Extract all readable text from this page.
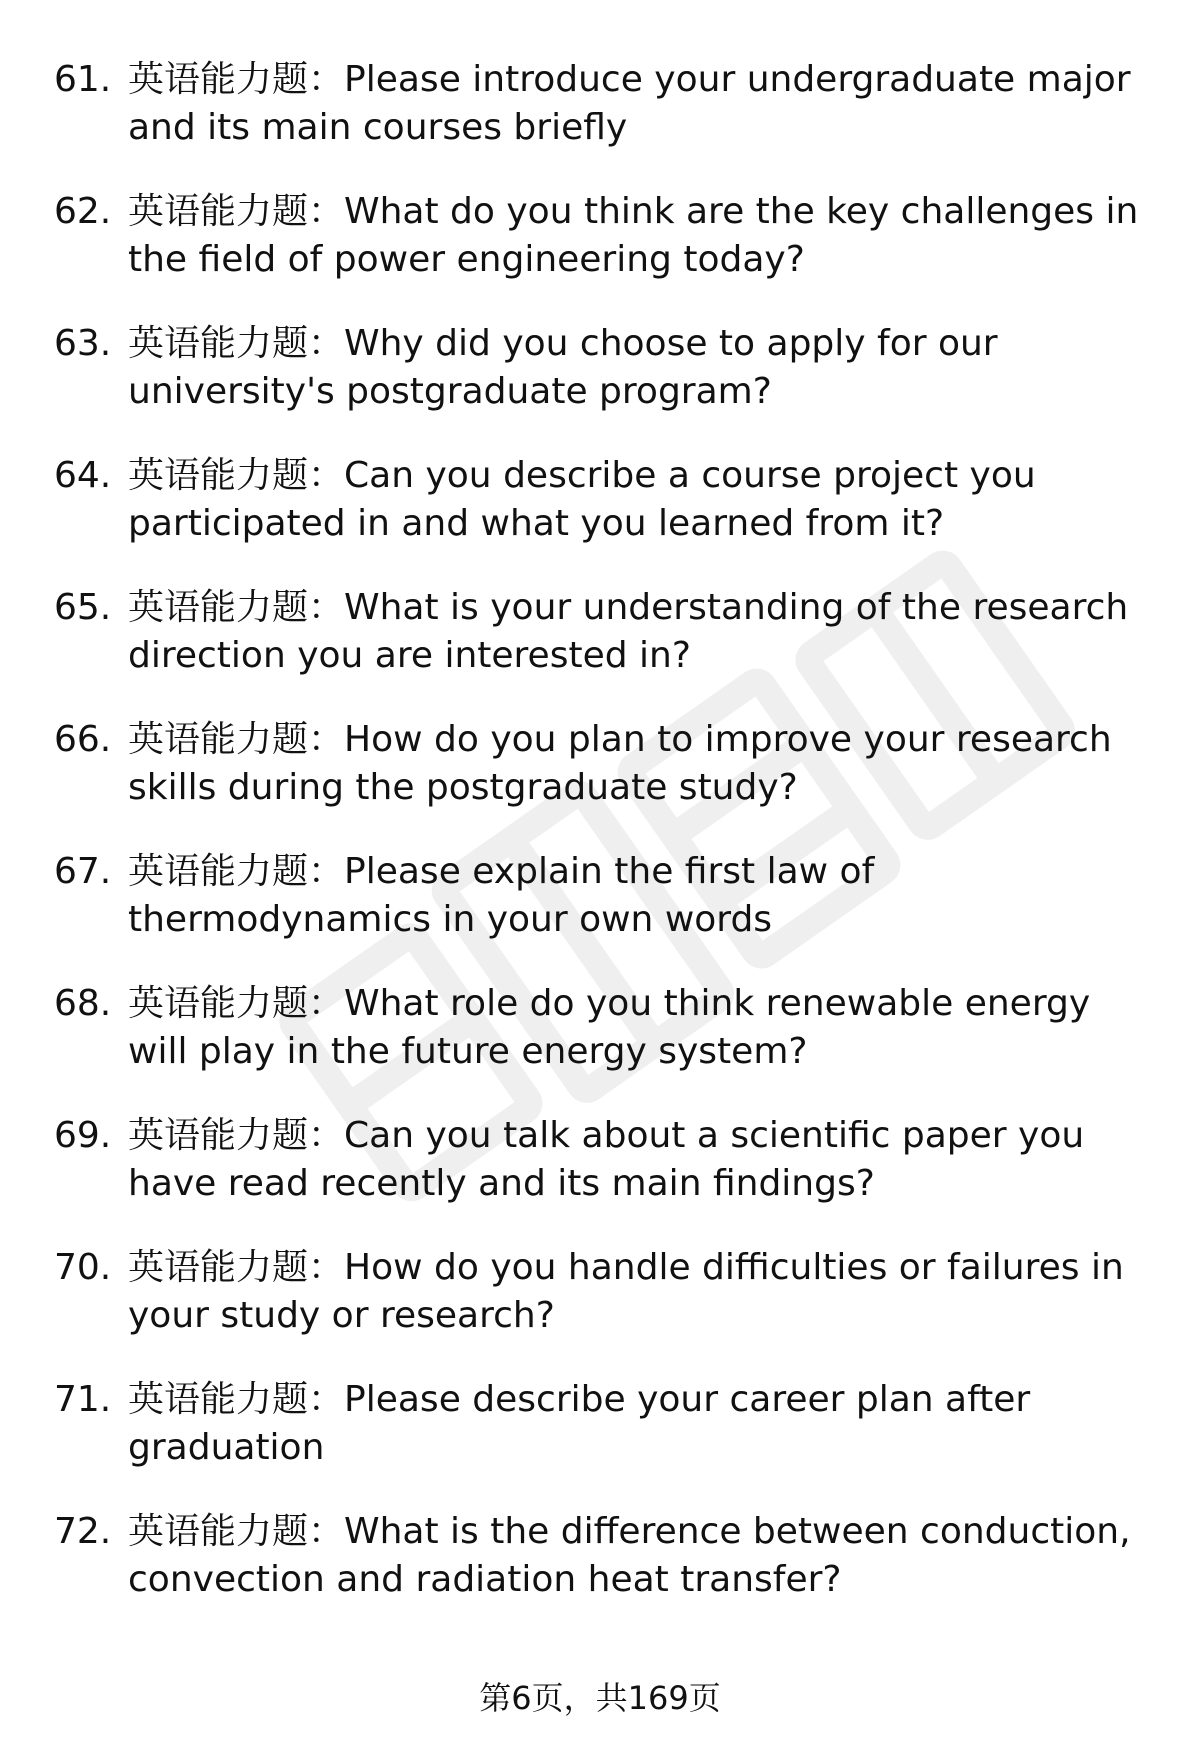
61. 英语能力题：Please introduce your undergraduate major and its main courses briefly
62. 英语能力题：What do you think are the key challenges in the field of power engineering today?
63. 英语能力题：Why did you choose to apply for our university's postgraduate program?
64. 英语能力题：Can you describe a course project you participated in and what you learned from it?
65. 英语能力题：What is your understanding of the research direction you are interested in?
66. 英语能力题：How do you plan to improve your research skills during the postgraduate study?
67. 英语能力题：Please explain the first law of thermodynamics in your own words
68. 英语能力题：What role do you think renewable energy will play in the future energy system?
69. 英语能力题：Can you talk about a scientific paper you have read recently and its main findings?
70. 英语能力题：How do you handle difficulties or failures in your study or research?
71. 英语能力题：Please describe your career plan after graduation
72. 英语能力题：What is the difference between conduction, convection and radiation heat transfer?
第6页，共169页
